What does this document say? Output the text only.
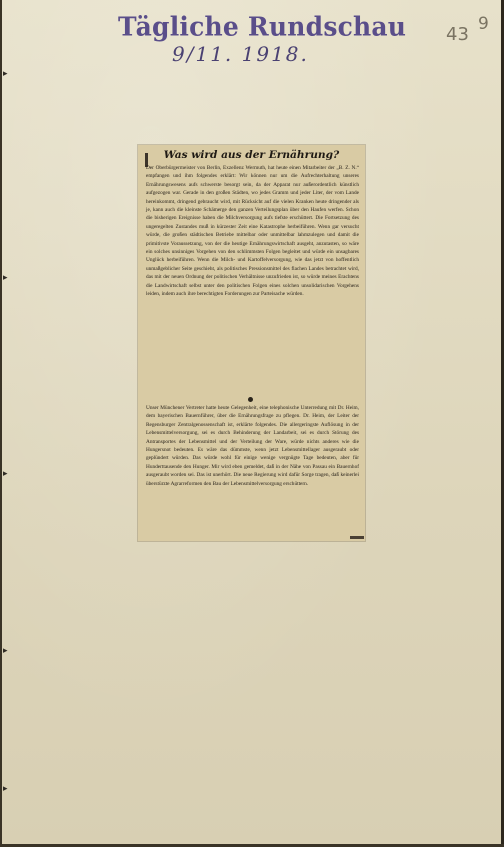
Tägliche Rundschau
9/11. 1918.
43 9
▸
▸
▸
▸
▸
Was wird aus der Ernährung?
Der Oberbürgermeister von Berlin, Exzellenz Wermuth, hat heute einen Mitarbeiter der „B. Z. N.“ empfangen und ihm folgendes erklärt: Wir können nur um die Aufrechterhaltung unseres Ernährungswesens aufs schwerste besorgt sein, da der Apparat nur außerordentlich künstlich aufgezogen war. Gerade in den großen Städten, wo jedes Gramm und jeder Liter, der vom Lande hereinkommt, dringend gebraucht wird, mit Rücksicht auf die vielen Kranken heute dringender als je, kann auch die kleinste Schämerge den ganzen Verteilungsplan über den Haufen werfen. Schon die bisherigen Ereignisse haben die Milchversorgung aufs tiefste erschüttert. Die Fortsetzung des ungeregelten Zustandes muß in kürzester Zeit eine Katastrophe herbeiführen. Wenn gar versucht würde, die großen städtischen Betriebe mittelbar oder unmittelbar lahmzulegen und damit die primitivste Voraussetzung, von der die heutige Ernährungswirtschaft ausgeht, anzutasten, so wäre ein solches unsinniges Vorgehen von den schlimmsten Folgen begleitet und würde ein unsagbares Unglück herbeiführen. Wenn die Milch- und Kartoffelversorgung, wie das jetzt von hoffentlich unmaßgeblicher Seite geschieht, als politisches Pressionsmittel des flachen Landes betrachtet wird, das mit der neuen Ordnung der politischen Verhältnisse unzufrieden ist, so würde meines Erachtens die Landwirtschaft selbst unter den politischen Folgen eines solchen unsolidarischen Vorgehens leiden, indem auch ihre berechtigten Forderungen zur Parteisache würden.
Unser Münchener Vertreter hatte heute Gelegenheit, eine telephonische Unterredung mit Dr. Heim, dem bayerischen Bauernführer, über die Ernährungsfrage zu pflegen. Dr. Heim, der Leiter der Regensburger Zentralgenossenschaft ist, erklärte folgendes. Die allergeringste Auflösung in der Lebensmittelversorgung, sei es durch Behinderung der Landarbeit, sei es durch Störung des Antransportes der Lebensmittel und der Verteilung der Ware, würde nichts anderes wie die Hungersnot bedeuten. Es wäre das dümmste, wenn jetzt Lebensmittellager ausgeraubt oder geplündert würden. Das würde wohl für einige wenige vergnügte Tage bedeuten, aber für Hunderttausende den Hunger. Mir wird eben gemeldet, daß in der Nähe von Passau ein Bauernhof ausgeraubt worden sei. Das ist unerhört. Die neue Regierung wird dafür Sorge tragen, daß keinerlei überstürzte Agrarreformen den Bau der Lebensmittelversorgung erschüttern.
